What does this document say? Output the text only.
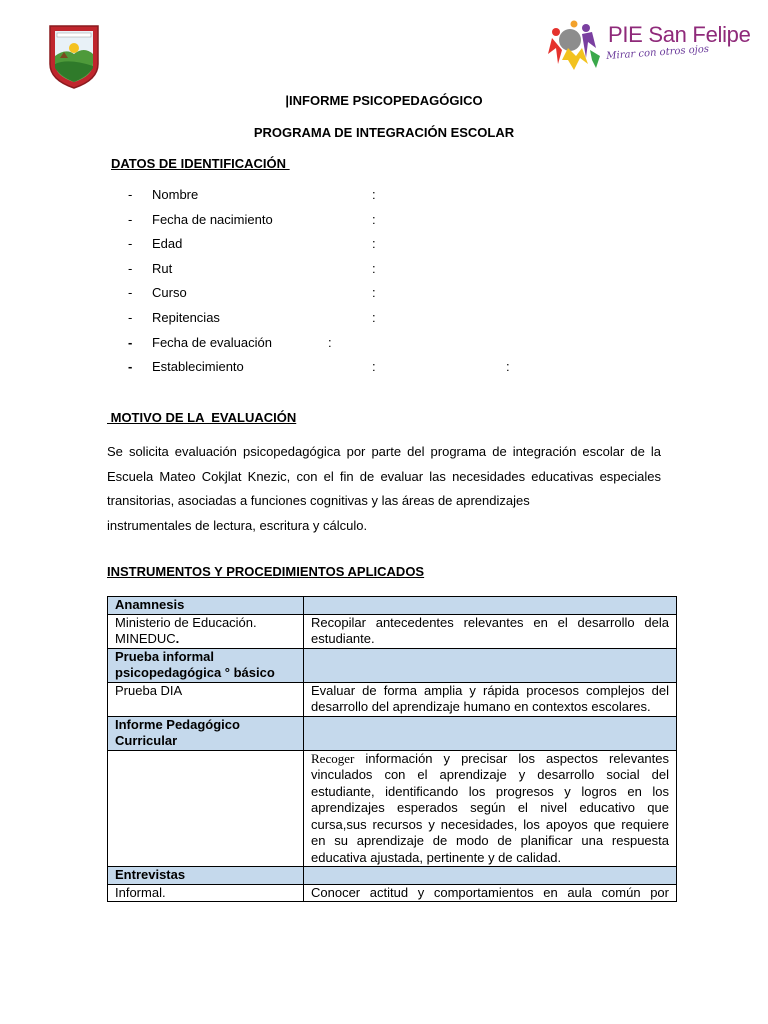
PIE San Felipe
Mirar con otros ojos
|INFORME PSICOPEDAGÓGICO
PROGRAMA DE INTEGRACIÓN ESCOLAR
DATOS DE IDENTIFICACIÓN
- Nombre	:
- Fecha de nacimiento	:
- Edad	:
- Rut	:
- Curso	:
- Repitencias	:
- Fecha de evaluación	:
- Establecimiento	:	:
MOTIVO DE LA  EVALUACIÓN
Se solicita evaluación psicopedagógica por parte del programa de integración escolar de la Escuela Mateo Cokjlat Knezic, con el fin de evaluar las necesidades educativas especiales transitorias, asociadas a funciones cognitivas y las áreas de aprendizajes
instrumentales de lectura, escritura y cálculo.
INSTRUMENTOS Y PROCEDIMIENTOS APLICADOS
Anamnesis	
Ministerio de Educación. MINEDUC.	Recopilar antecedentes relevantes en el desarrollo dela estudiante.
Prueba informal psicopedagógica ° básico	
Prueba DIA	Evaluar de forma amplia y rápida procesos complejos del desarrollo del aprendizaje humano en contextos escolares.
Informe Pedagógico Curricular	
	Recoger información y precisar los aspectos relevantes vinculados con el aprendizaje y desarrollo social del estudiante, identificando los progresos y logros en los aprendizajes esperados según el nivel educativo que cursa,sus recursos y necesidades, los apoyos que requiere en su aprendizaje de modo de planificar una respuesta educativa ajustada, pertinente y de calidad.
Entrevistas	
Informal.	Conocer actitud y comportamientos en aula común por
